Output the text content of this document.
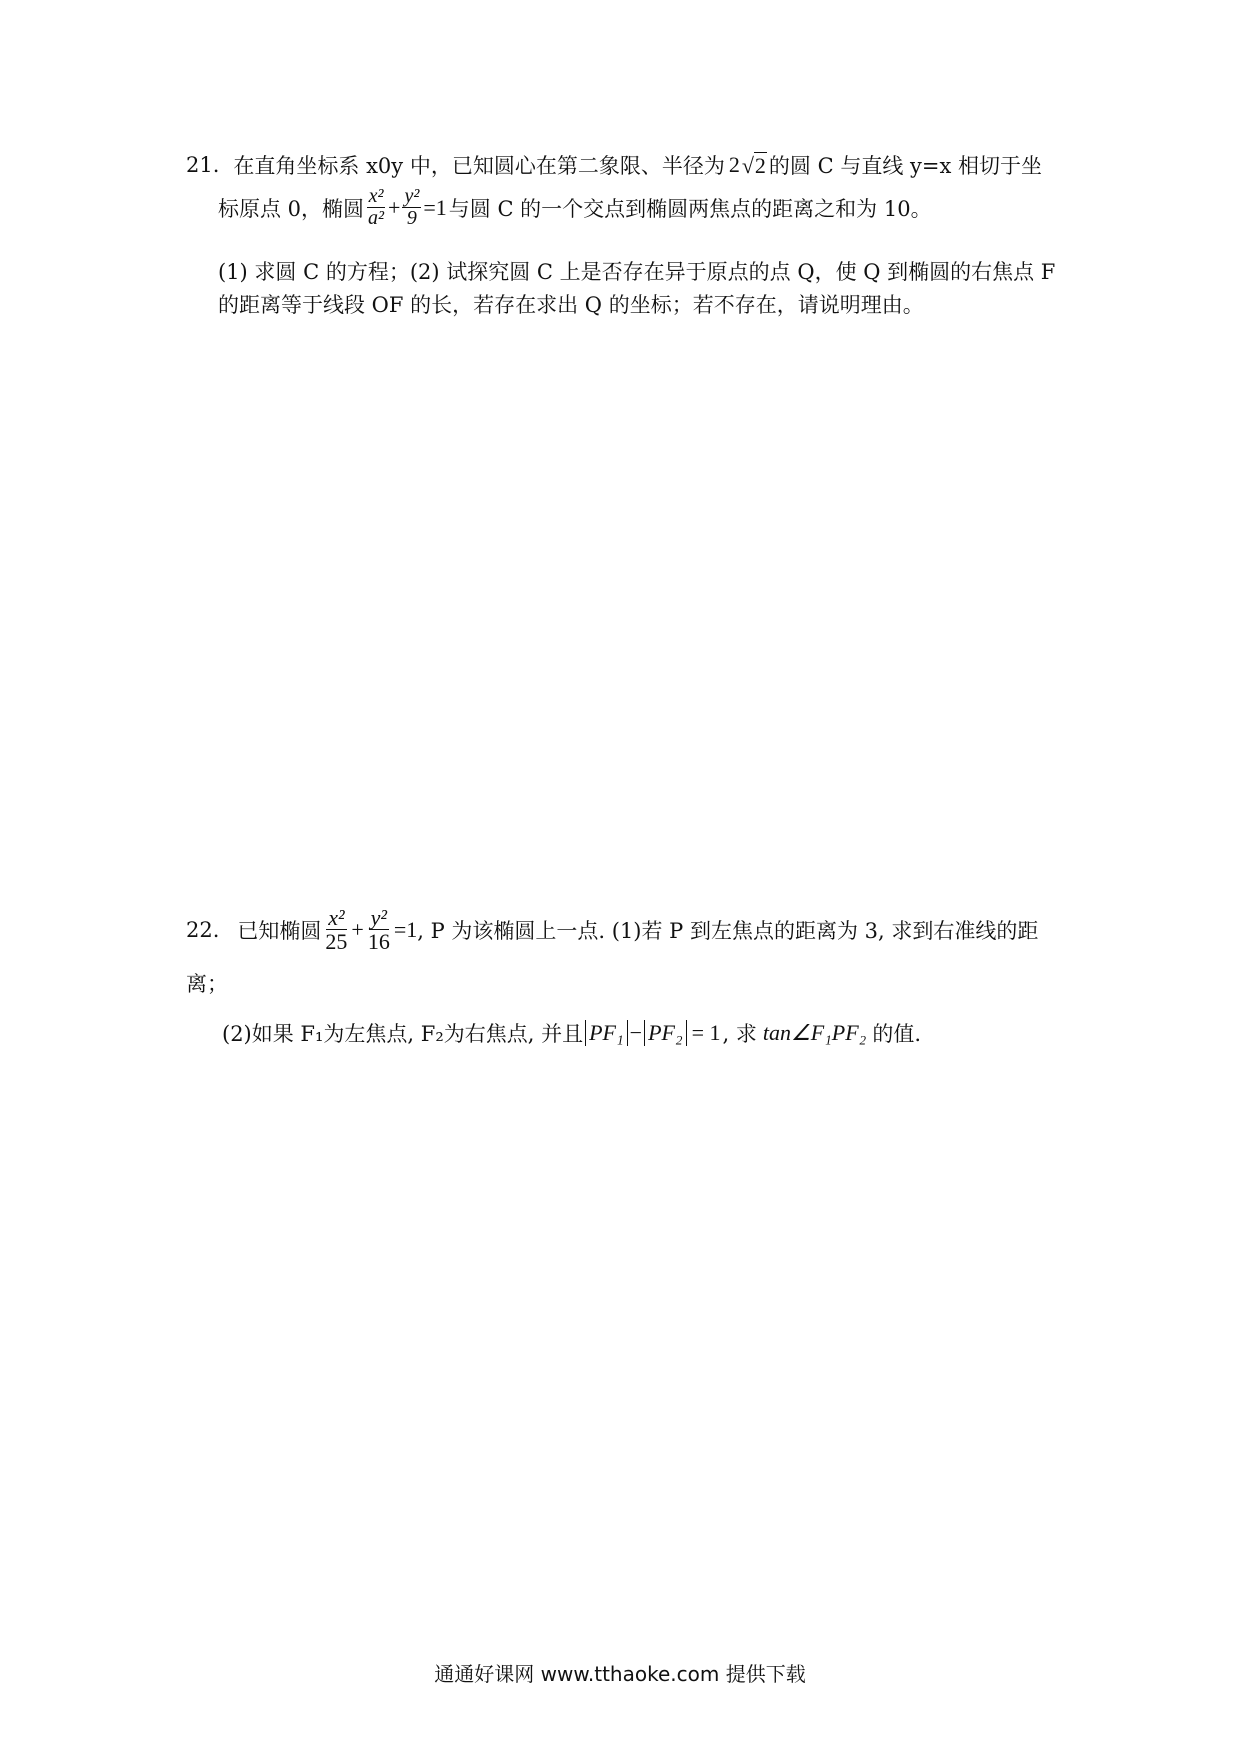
21. 在直角坐标系 x0y 中，已知圆心在第二象限、半径为 2 √ 2 的圆 C 与直线 y=x 相切于坐
标原点 0，椭圆 $\frac{\text{x²}}{\text{a²}} + \frac{\text{y²}}{9} =1$ 与圆 C 的一个交点到椭圆两焦点的距离之和为 10。
(1) 求圆 C 的方程；(2) 试探究圆 C 上是否存在异于原点的点 Q，使 Q 到椭圆的右焦点 F
的距离等于线段 OF 的长，若存在求出 Q 的坐标；若不存在，请说明理由。
22. 已知椭圆 $\frac{\text{x²}}{25} + \frac{\text{y²}}{16} =1$ , P 为该椭圆上一点. (1)若 P 到左焦点的距离为 3, 求到右准线的距
离；
(2)如果 F₁为左焦点, F₂为右焦点, 并且 PF₁ − PF₂ = 1 , 求 tan∠F₁PF₂ 的值.
通通好课网 www.tthaoke.com 提供下载
